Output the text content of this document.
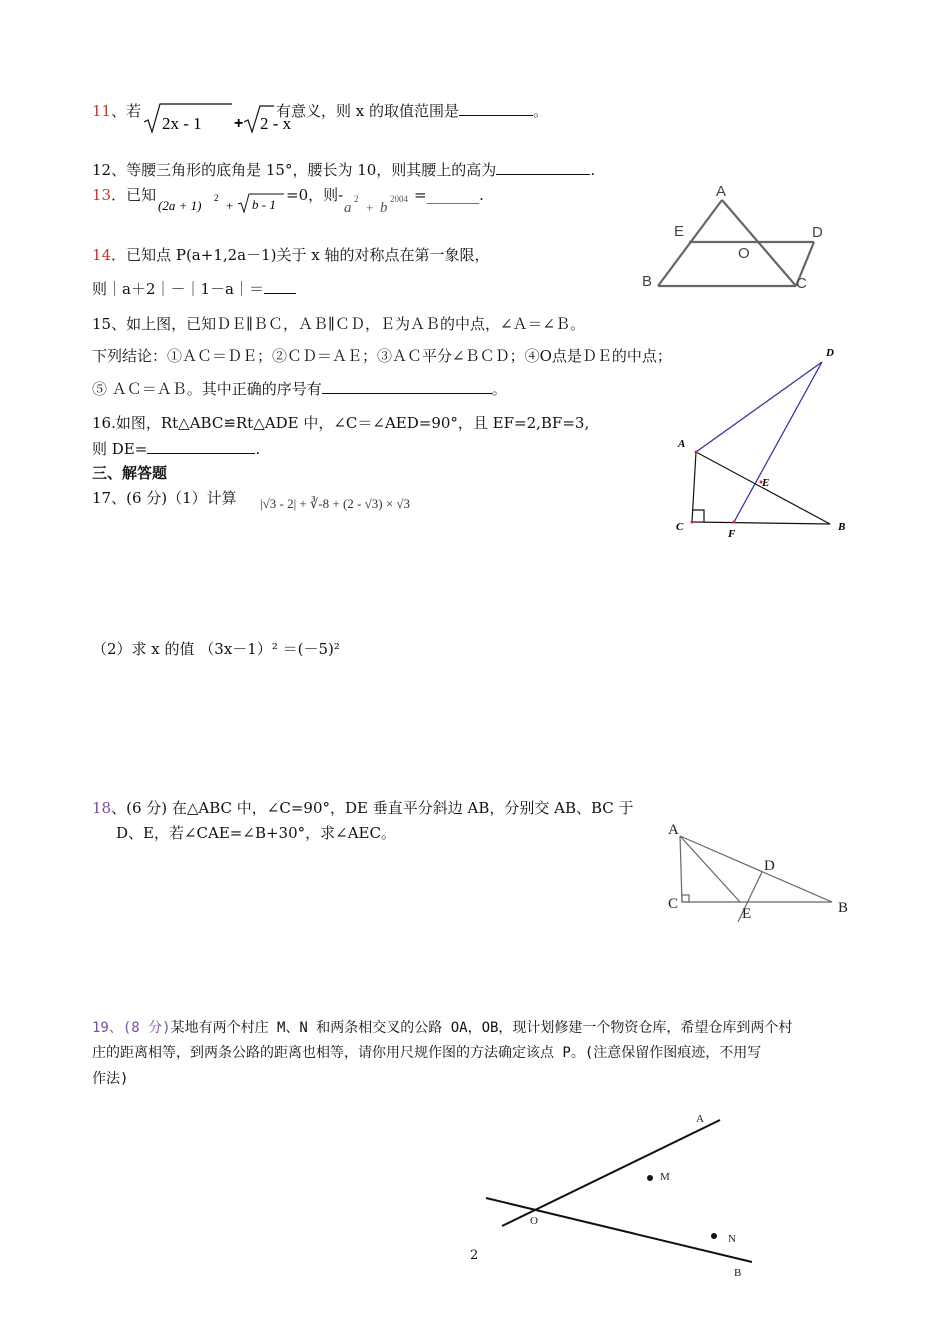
11、若
2x - 1 + 2 - x
有意义，则 x 的取值范围是	。
12、等腰三角形的底角是 15°，腰长为 10，则其腰上的高为	.
13．已知
(2a + 1) 2 + b - 1
=0，则-
a
2
+ b
2004 =_______.	A
E	D
O
B	C
14．已知点 P(a+1,2a－1)关于 x 轴的对称点在第一象限，
则｜a＋2｜－｜1－a｜＝
15、如上图，已知ＤＥ∥ＢＣ，ＡＢ∥ＣＤ，Ｅ为ＡＢ的中点，∠Ａ＝∠Ｂ。
下列结论：①ＡＣ＝ＤＥ；②ＣＤ＝ＡＥ；③ＡＣ平分∠ＢＣＤ；④O点是ＤＥ的中点；
⑤ ＡＣ＝ＡＢ。其中正确的序号有	。
D
A
E
C
F
B
16.如图，Rt△ABC≌Rt△ADE 中，∠C＝∠AED=90°，且 EF=2,BF=3,
则 DE=	.
三、解答题
17、(6 分)（1）计算 |√3 - 2| + ∛-8 + (2 - √3) × √3
（2）求 x 的值 （3x－1）² ＝(－5)²
18、(6 分) 在△ABC 中，∠C=90°，DE 垂直平分斜边 AB，分别交 AB、BC 于
D、E，若∠CAE=∠B+30°，求∠AEC。	A
D
C
E	B
19、(8 分)某地有两个村庄 M、N 和两条相交叉的公路 OA，OB，现计划修建一个物资仓库，希望仓库到两个村
庄的距离相等，到两条公路的距离也相等，请你用尺规作图的方法确定该点 P。(注意保留作图痕迹，不用写
作法)
A
M
O
N
B
2
